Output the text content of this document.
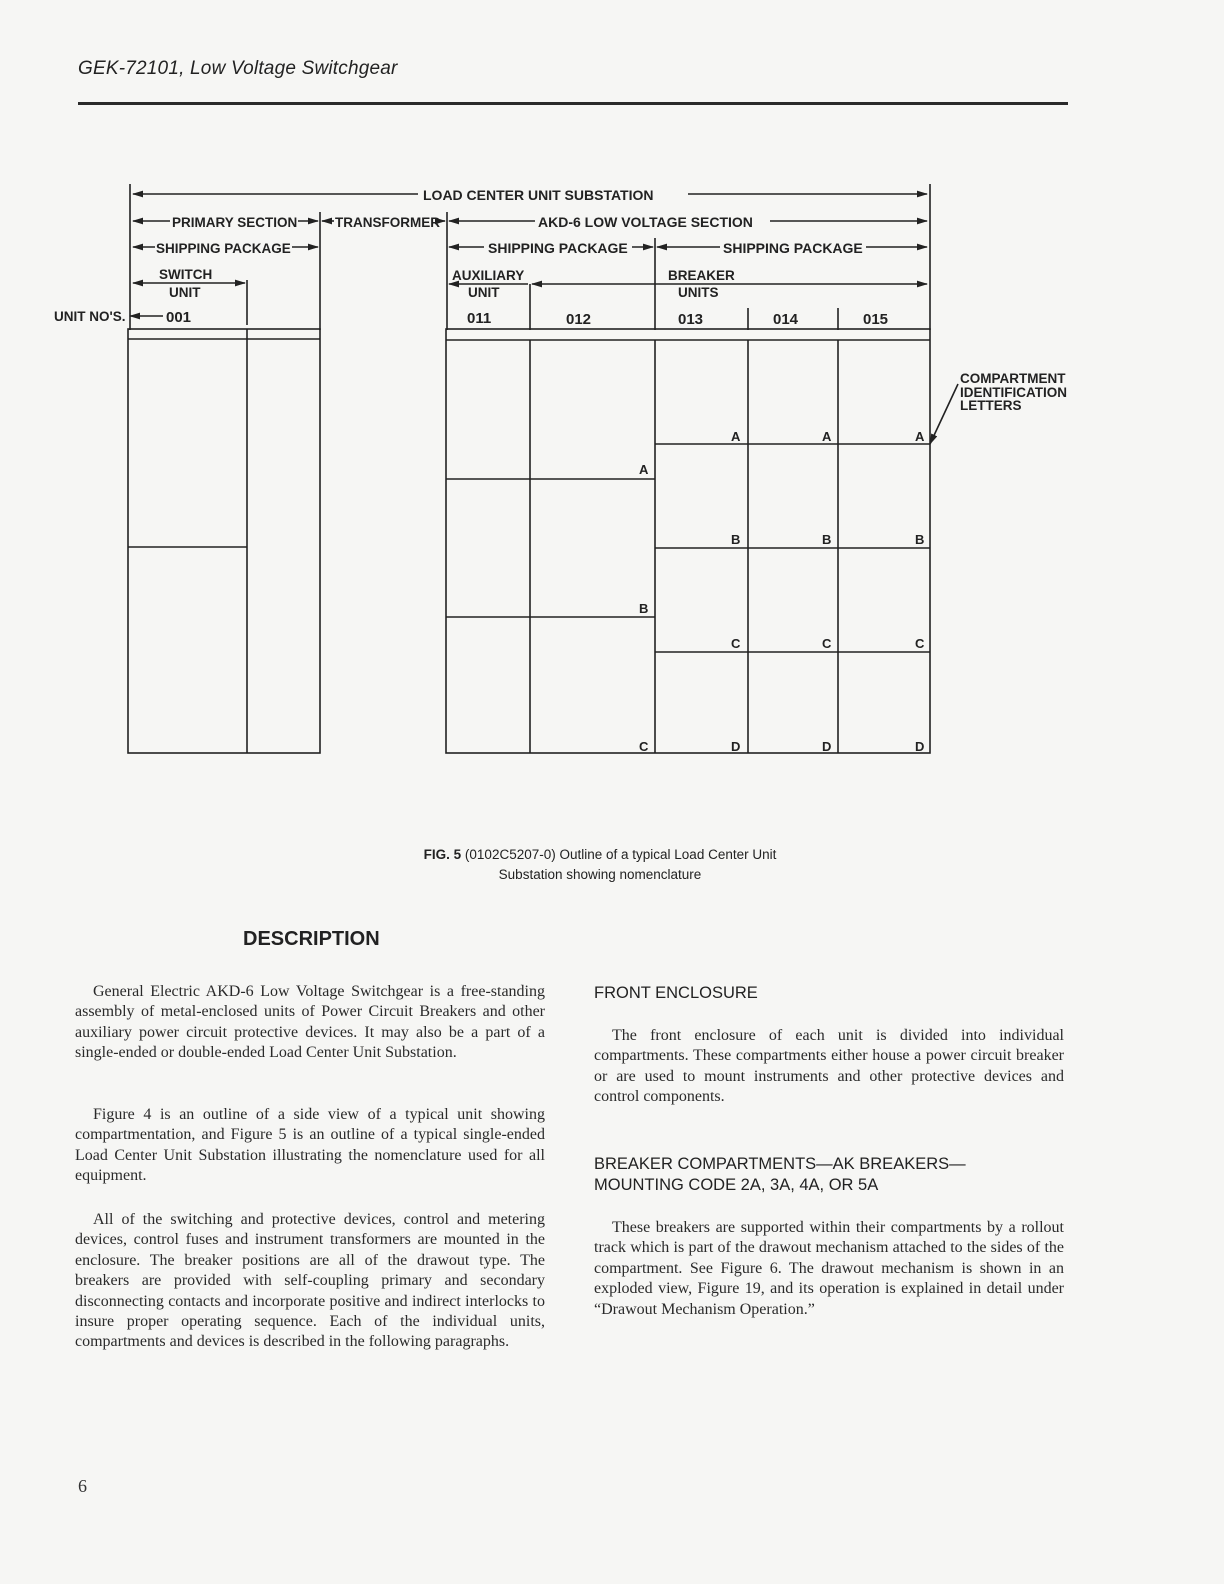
GEK-72101, Low Voltage Switchgear
LOAD CENTER UNIT SUBSTATION
PRIMARY SECTION	TRANSFORMER	AKD-6 LOW VOLTAGE SECTION
SHIPPING PACKAGE	SHIPPING PACKAGE	SHIPPING PACKAGE
SWITCH
UNIT
AUXILIARY
UNIT
BREAKER
UNITS
UNIT NO'S.	001	011	012	013	014	015
COMPARTMENT
IDENTIFICATION
LETTERS
A
B
C
A
B
C
D
A
B
C
D
A
B
C
D
FIG. 5 (0102C5207-0) Outline of a typical Load Center Unit
Substation showing nomenclature
DESCRIPTION

General Electric AKD-6 Low Voltage Switchgear is a free-standing assembly of metal-enclosed units of Power Circuit Breakers and other auxiliary power circuit protective devices. It may also be a part of a single-ended or double-ended Load Center Unit Substation.

Figure 4 is an outline of a side view of a typical unit showing compartmentation, and Figure 5 is an outline of a typical single-ended Load Center Unit Substation illustrating the nomenclature used for all equipment.

All of the switching and protective devices, control and metering devices, control fuses and instrument transformers are mounted in the enclosure. The breaker positions are all of the drawout type. The breakers are provided with self-coupling primary and secondary disconnecting contacts and incorporate positive and indirect interlocks to insure proper operating sequence. Each of the individual units, compartments and devices is described in the following paragraphs.

FRONT ENCLOSURE

The front enclosure of each unit is divided into individual compartments. These compartments either house a power circuit breaker or are used to mount instruments and other protective devices and control components.

BREAKER COMPARTMENTS—AK BREAKERS—
MOUNTING CODE 2A, 3A, 4A, OR 5A

These breakers are supported within their compartments by a rollout track which is part of the drawout mechanism attached to the sides of the compartment. See Figure 6. The drawout mechanism is shown in an exploded view, Figure 19, and its operation is explained in detail under “Drawout Mechanism Operation.”

6
